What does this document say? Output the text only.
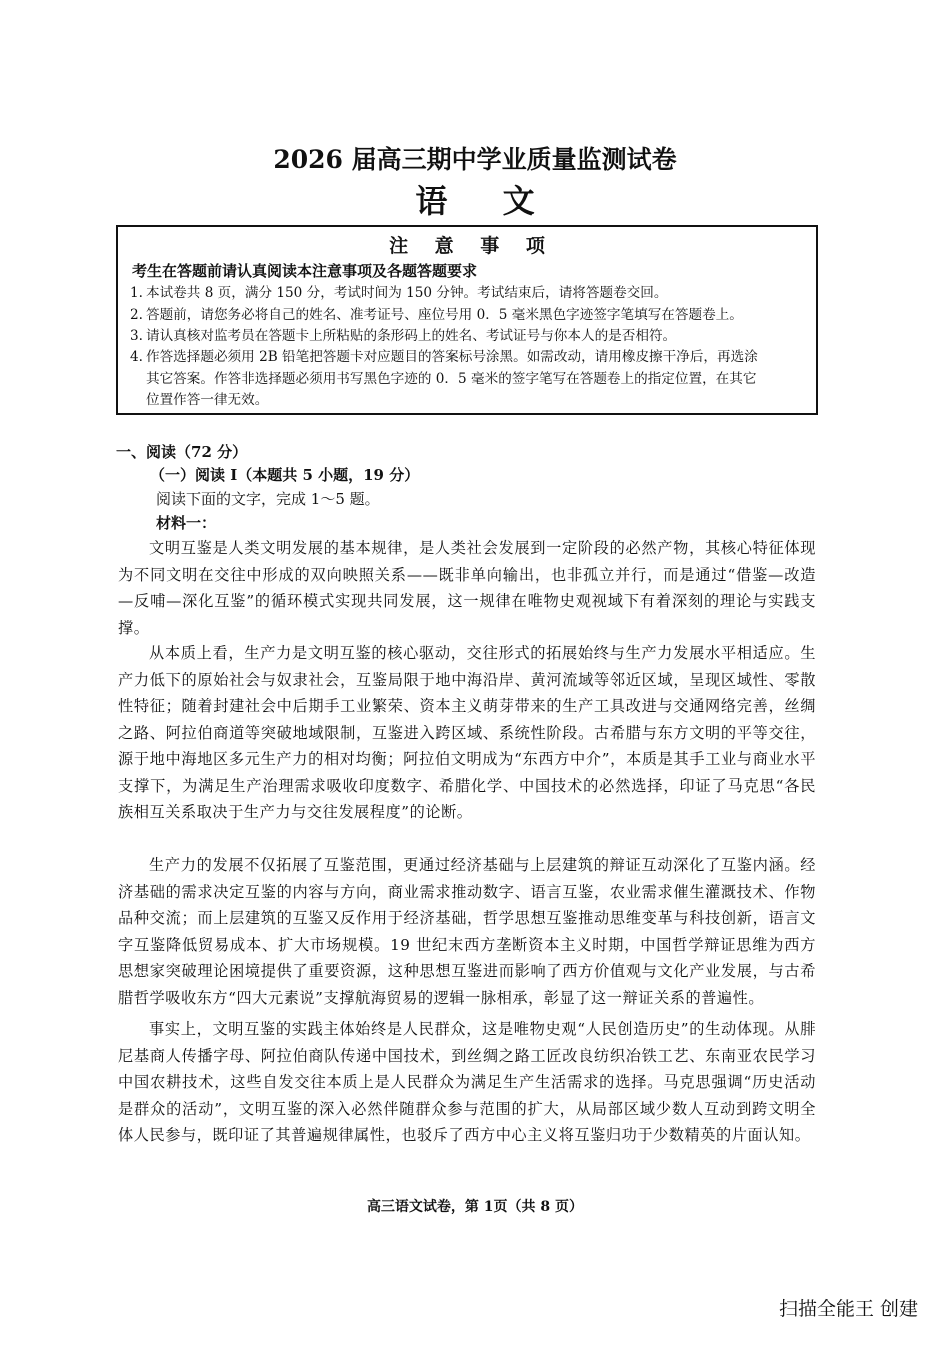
2026 届高三期中学业质量监测试卷
语 文
注 意 事 项
考生在答题前请认真阅读本注意事项及各题答题要求
1. 本试卷共 8 页，满分 150 分，考试时间为 150 分钟。考试结束后，请将答题卷交回。
2. 答题前，请您务必将自己的姓名、准考证号、座位号用 0．5 毫米黑色字迹签字笔填写在答题卷上。
3. 请认真核对监考员在答题卡上所粘贴的条形码上的姓名、考试证号与你本人的是否相符。
4. 作答选择题必须用 2B 铅笔把答题卡对应题目的答案标号涂黑。如需改动，请用橡皮擦干净后，再选涂
其它答案。作答非选择题必须用书写黑色字迹的 0．5 毫米的签字笔写在答题卷上的指定位置，在其它
位置作答一律无效。
一、阅读（72 分）
（一）阅读 I（本题共 5 小题，19 分）
阅读下面的文字，完成 1～5 题。
材料一：
文明互鉴是人类文明发展的基本规律，是人类社会发展到一定阶段的必然产物，其核心特征体现为不同文明在交往中形成的双向映照关系——既非单向输出，也非孤立并行，而是通过“借鉴—改造—反哺—深化互鉴”的循环模式实现共同发展，这一规律在唯物史观视域下有着深刻的理论与实践支撑。
从本质上看，生产力是文明互鉴的核心驱动，交往形式的拓展始终与生产力发展水平相适应。生产力低下的原始社会与奴隶社会，互鉴局限于地中海沿岸、黄河流域等邻近区域，呈现区域性、零散性特征；随着封建社会中后期手工业繁荣、资本主义萌芽带来的生产工具改进与交通网络完善，丝绸之路、阿拉伯商道等突破地域限制，互鉴进入跨区域、系统性阶段。古希腊与东方文明的平等交往，源于地中海地区多元生产力的相对均衡；阿拉伯文明成为“东西方中介”，本质是其手工业与商业水平支撑下，为满足生产治理需求吸收印度数字、希腊化学、中国技术的必然选择，印证了马克思“各民族相互关系取决于生产力与交往发展程度”的论断。
生产力的发展不仅拓展了互鉴范围，更通过经济基础与上层建筑的辩证互动深化了互鉴内涵。经济基础的需求决定互鉴的内容与方向，商业需求推动数字、语言互鉴，农业需求催生灌溉技术、作物品种交流；而上层建筑的互鉴又反作用于经济基础，哲学思想互鉴推动思维变革与科技创新，语言文字互鉴降低贸易成本、扩大市场规模。19 世纪末西方垄断资本主义时期，中国哲学辩证思维为西方思想家突破理论困境提供了重要资源，这种思想互鉴进而影响了西方价值观与文化产业发展，与古希腊哲学吸收东方“四大元素说”支撑航海贸易的逻辑一脉相承，彰显了这一辩证关系的普遍性。
事实上，文明互鉴的实践主体始终是人民群众，这是唯物史观“人民创造历史”的生动体现。从腓尼基商人传播字母、阿拉伯商队传递中国技术，到丝绸之路工匠改良纺织冶铁工艺、东南亚农民学习中国农耕技术，这些自发交往本质上是人民群众为满足生产生活需求的选择。马克思强调“历史活动是群众的活动”，文明互鉴的深入必然伴随群众参与范围的扩大，从局部区域少数人互动到跨文明全体人民参与，既印证了其普遍规律属性，也驳斥了西方中心主义将互鉴归功于少数精英的片面认知。
高三语文试卷，第 1页（共 8 页）
扫描全能王 创建
